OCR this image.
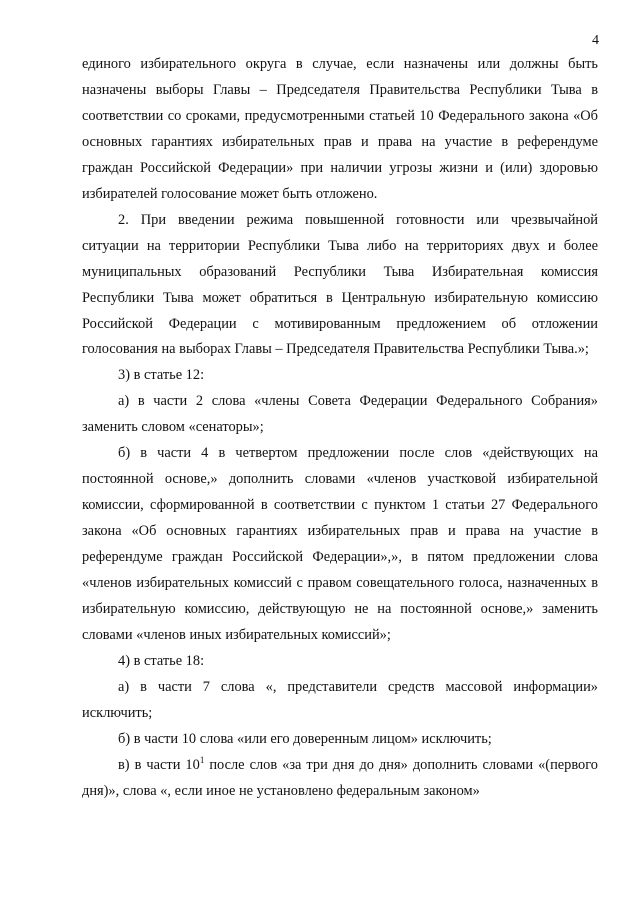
4

единого избирательного округа в случае, если назначены или должны быть назначены выборы Главы – Председателя Правительства Республики Тыва в соответствии со сроками, предусмотренными статьей 10 Федерального закона «Об основных гарантиях избирательных прав и права на участие в референдуме граждан Российской Федерации» при наличии угрозы жизни и (или) здоровью избирателей голосование может быть отложено.

2. При введении режима повышенной готовности или чрезвычайной ситуации на территории Республики Тыва либо на территориях двух и более муниципальных образований Республики Тыва Избирательная комиссия Республики Тыва может обратиться в Центральную избирательную комиссию Российской Федерации с мотивированным предложением об отложении голосования на выборах Главы – Председателя Правительства Республики Тыва.»;

3) в статье 12:

а) в части 2 слова «члены Совета Федерации Федерального Собрания» заменить словом «сенаторы»;

б) в части 4 в четвертом предложении после слов «действующих на постоянной основе,» дополнить словами «членов участковой избирательной комиссии, сформированной в соответствии с пунктом 1 статьи 27 Федерального закона «Об основных гарантиях избирательных прав и права на участие в референдуме граждан Российской Федерации»,», в пятом предложении слова «членов избирательных комиссий с правом совещательного голоса, назначенных в избирательную комиссию, действующую не на постоянной основе,» заменить словами «членов иных избирательных комиссий»;

4) в статье 18:

а) в части 7 слова «, представители средств массовой информации» исключить;

б) в части 10 слова «или его доверенным лицом» исключить;

в) в части $10^1$ после слов «за три дня до дня» дополнить словами «(первого дня)», слова «, если иное не установлено федеральным законом»
